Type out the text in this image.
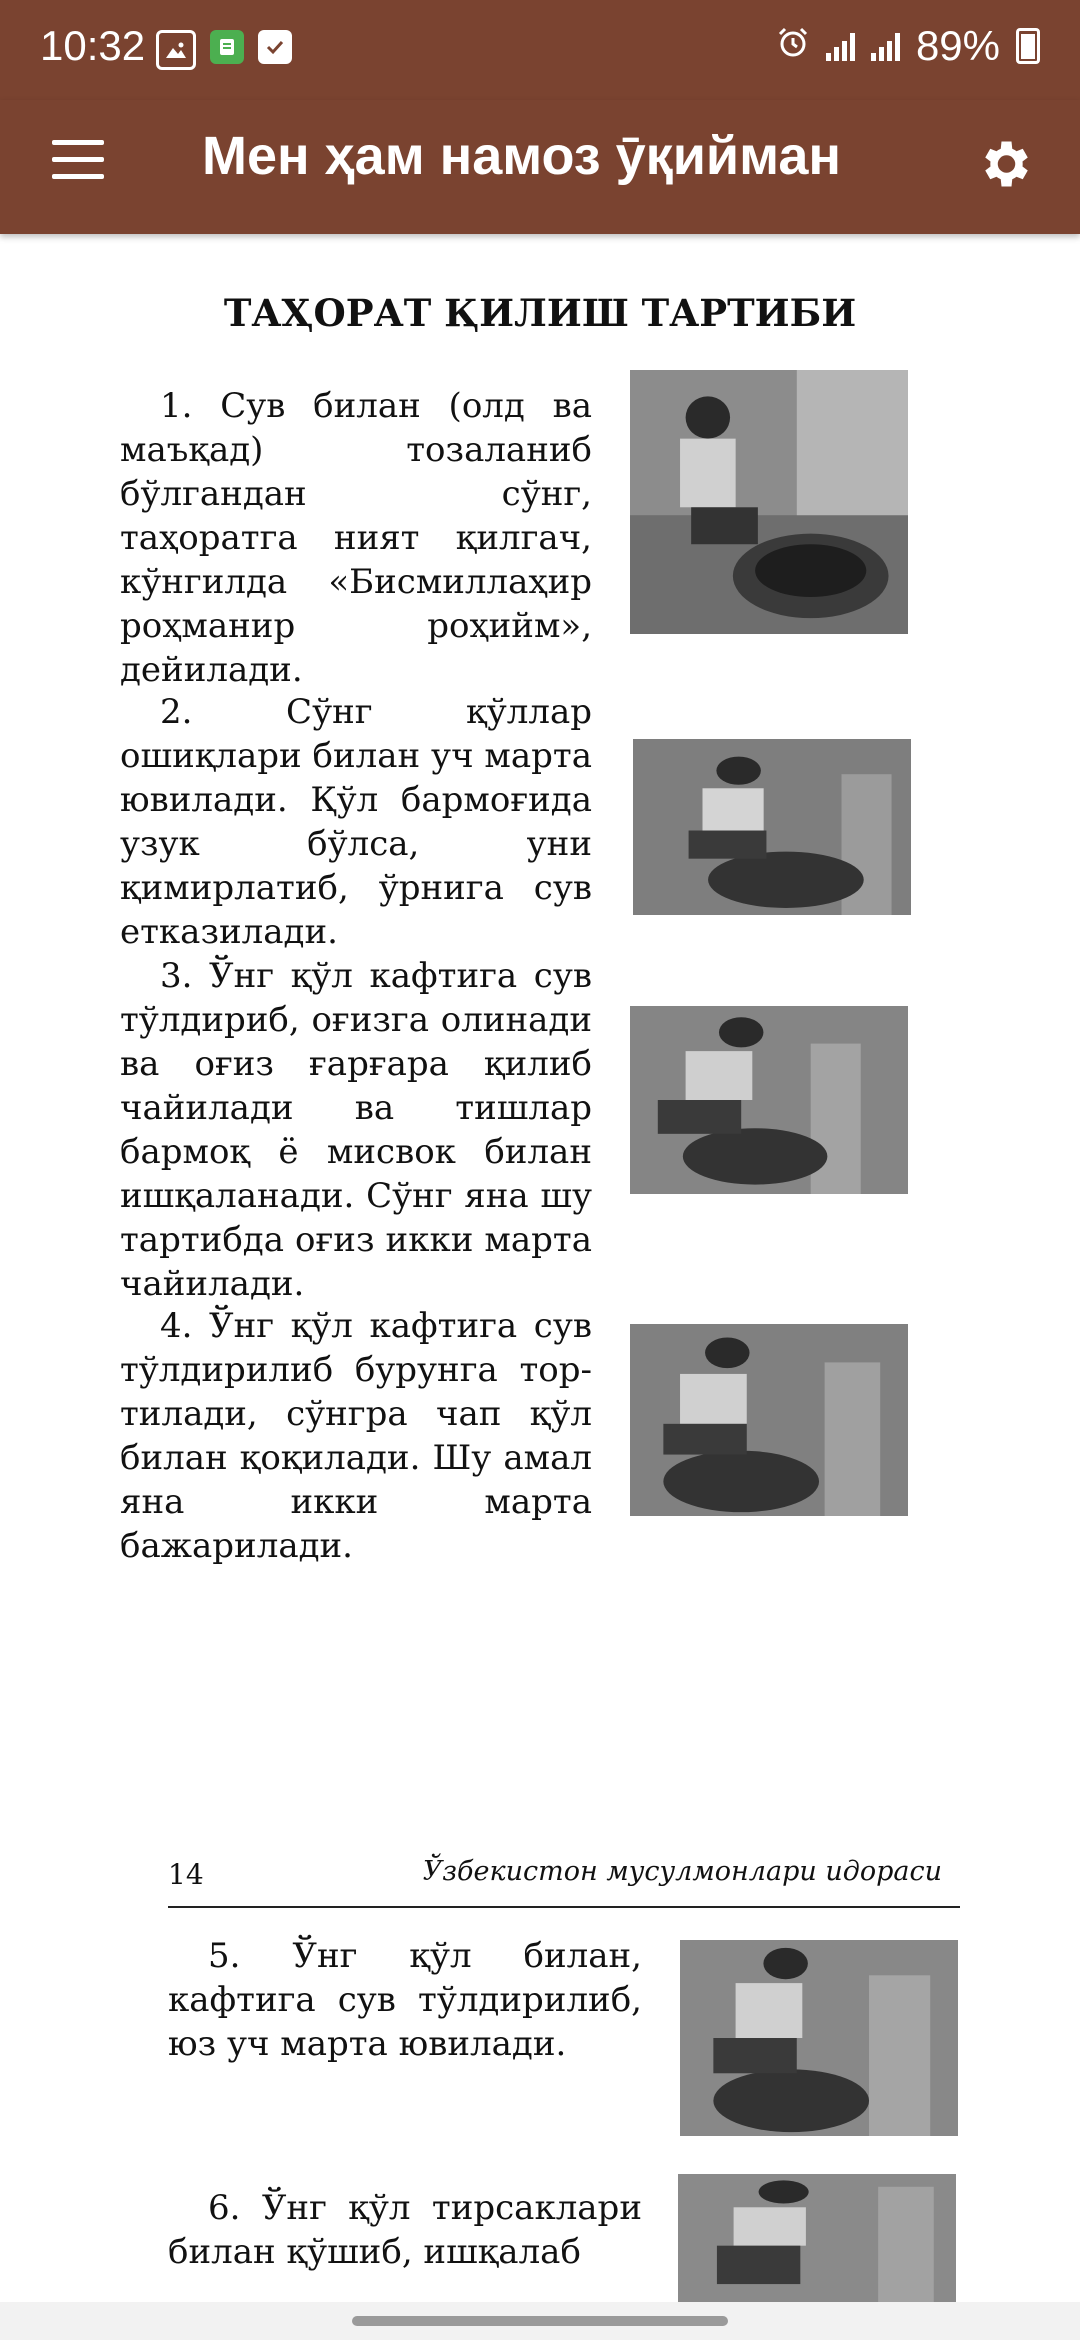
10:32	89%
Мен ҳам намоз ӯқийман
ТАҲОРАТ ҚИЛИШ ТАРТИБИ

1. Сув билан (олд ва маъқад) тозаланиб бўлгандан сўнг, таҳоратга ният қилгач, кўнгилда «Бисмиллаҳир роҳманир роҳийм», дейилади.

2. Сўнг қўллар ошиқлари билан уч марта ювилади. Қўл бармоғида узук бўлса, уни қимирлатиб, ўрнига сув етказилади.

3. Ўнг қўл кафтига сув тўлдириб, оғизга олинади ва оғиз ғарғара қилиб чайилади ва тишлар бармоқ ё мисвок билан ишқаланади. Сўнг яна шу тартибда оғиз икки марта чайилади.

4. Ўнг қўл кафтига сув тўлдирилиб бурунга тортилади, сўнгра чап қўл билан қоқилади. Шу амал яна икки марта бажарилади.

14	Ўзбекистон мусулмонлари идораси

5. Ўнг қўл билан, кафтига сув тўлдирилиб, юз уч марта ювилади.

6. Ўнг қўл тирсаклари билан қўшиб, ишқалаб
